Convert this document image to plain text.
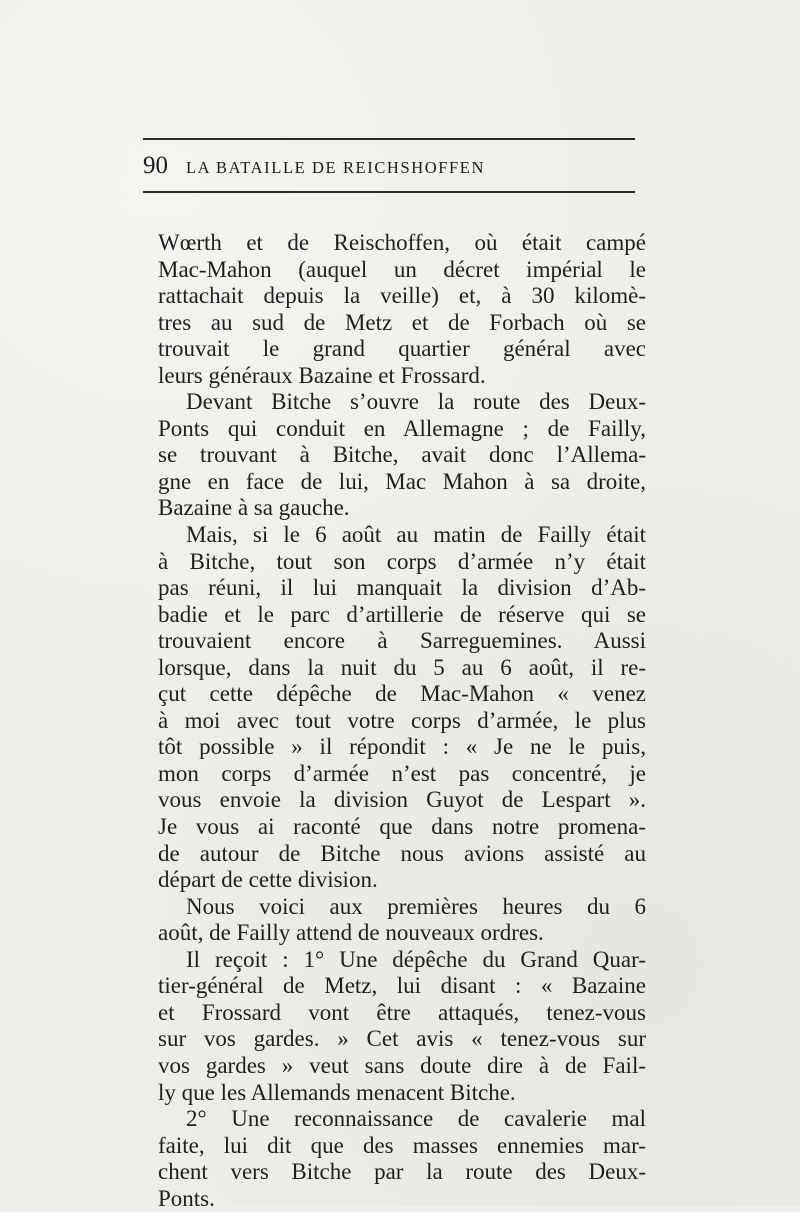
90 LA BATAILLE DE REICHSHOFFEN
Wœrth et de Reischoffen, où était campé
Mac-Mahon (auquel un décret impérial le
rattachait depuis la veille) et, à 30 kilomè-
tres au sud de Metz et de Forbach où se
trouvait le grand quartier général avec
leurs généraux Bazaine et Frossard.
Devant Bitche s’ouvre la route des Deux-
Ponts qui conduit en Allemagne ; de Failly,
se trouvant à Bitche, avait donc l’Allema-
gne en face de lui, Mac Mahon à sa droite,
Bazaine à sa gauche.
Mais, si le 6 août au matin de Failly était
à Bitche, tout son corps d’armée n’y était
pas réuni, il lui manquait la division d’Ab-
badie et le parc d’artillerie de réserve qui se
trouvaient encore à Sarreguemines. Aussi
lorsque, dans la nuit du 5 au 6 août, il re-
çut cette dépêche de Mac-Mahon « venez
à moi avec tout votre corps d’armée, le plus
tôt possible » il répondit : « Je ne le puis,
mon corps d’armée n’est pas concentré, je
vous envoie la division Guyot de Lespart ».
Je vous ai raconté que dans notre promena-
de autour de Bitche nous avions assisté au
départ de cette division.
Nous voici aux premières heures du 6
août, de Failly attend de nouveaux ordres.
Il reçoit : 1° Une dépêche du Grand Quar-
tier-général de Metz, lui disant : « Bazaine
et Frossard vont être attaqués, tenez-vous
sur vos gardes. » Cet avis « tenez-vous sur
vos gardes » veut sans doute dire à de Fail-
ly que les Allemands menacent Bitche.
2° Une reconnaissance de cavalerie mal
faite, lui dit que des masses ennemies mar-
chent vers Bitche par la route des Deux-
Ponts.
